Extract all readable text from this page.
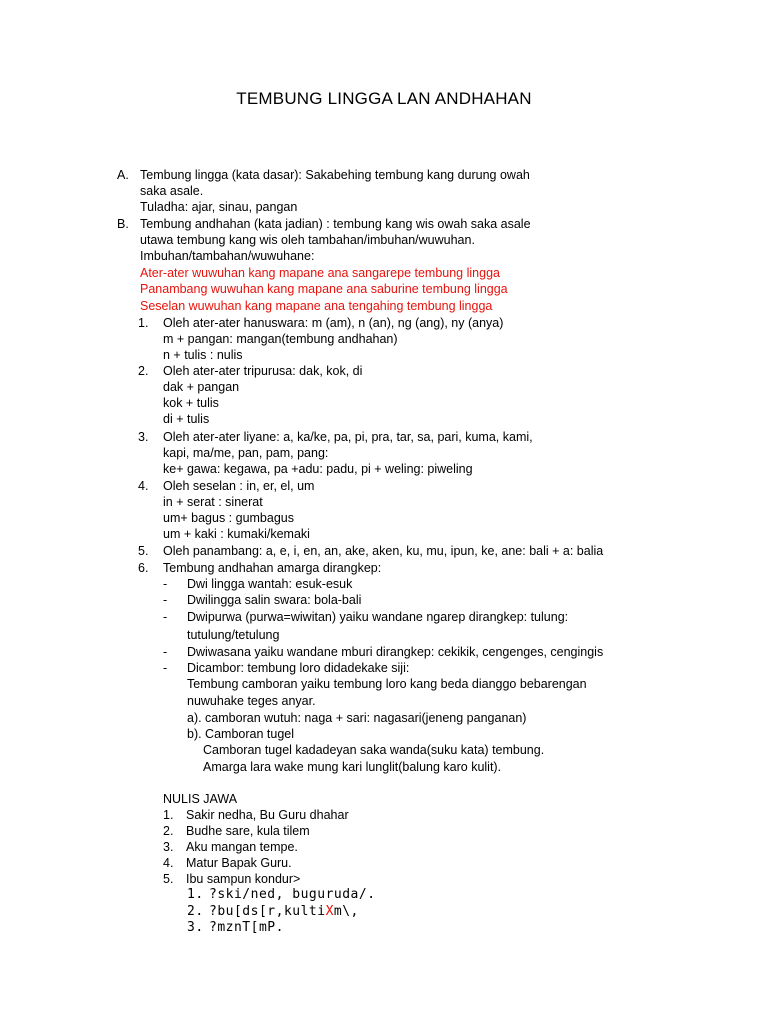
TEMBUNG LINGGA LAN ANDHAHAN
A. Tembung lingga (kata dasar): Sakabehing tembung kang durung owah
saka asale.
Tuladha: ajar, sinau, pangan
B. Tembung andhahan (kata jadian) : tembung kang wis owah saka asale
utawa tembung kang wis oleh tambahan/imbuhan/wuwuhan.
Imbuhan/tambahan/wuwuhane:
Ater-ater wuwuhan kang mapane ana sangarepe tembung lingga
Panambang wuwuhan kang mapane ana saburine tembung lingga
Seselan wuwuhan kang mapane ana tengahing tembung lingga
1. Oleh ater-ater hanuswara: m (am), n (an), ng (ang), ny (anya)
m + pangan: mangan(tembung andhahan)
n + tulis : nulis
2. Oleh ater-ater tripurusa: dak, kok, di
dak + pangan
kok + tulis
di + tulis
3. Oleh ater-ater liyane: a, ka/ke, pa, pi, pra, tar, sa, pari, kuma, kami,
kapi, ma/me, pan, pam, pang:
ke+ gawa: kegawa, pa +adu: padu, pi + weling: piweling
4. Oleh seselan : in, er, el, um
in + serat : sinerat
um+ bagus : gumbagus
um + kaki : kumaki/kemaki
5. Oleh panambang: a, e, i, en, an, ake, aken, ku, mu, ipun, ke, ane: bali + a: balia
6. Tembung andhahan amarga dirangkep:
- Dwi lingga wantah: esuk-esuk
- Dwilingga salin swara: bola-bali
- Dwipurwa (purwa=wiwitan) yaiku wandane ngarep dirangkep: tulung:
tutulung/tetulung
- Dwiwasana yaiku wandane mburi dirangkep: cekikik, cengenges, cengingis
- Dicambor: tembung loro didadekake siji:
Tembung camboran yaiku tembung loro kang beda dianggo bebarengan
nuwuhake teges anyar.
a). camboran wutuh: naga + sari: nagasari(jeneng panganan)
b). Camboran tugel
Camboran tugel kadadeyan saka wanda(suku kata) tembung.
Amarga lara wake mung kari lunglit(balung karo kulit).
NULIS JAWA
1. Sakir nedha, Bu Guru dhahar
2. Budhe sare, kula tilem
3. Aku mangan tempe.
4. Matur Bapak Guru.
5. Ibu sampun kondur>
1. ?ski/ned, buguruda/.
2. ?bu[ds[r,kultiXm\,
3. ?mznT[mP.
